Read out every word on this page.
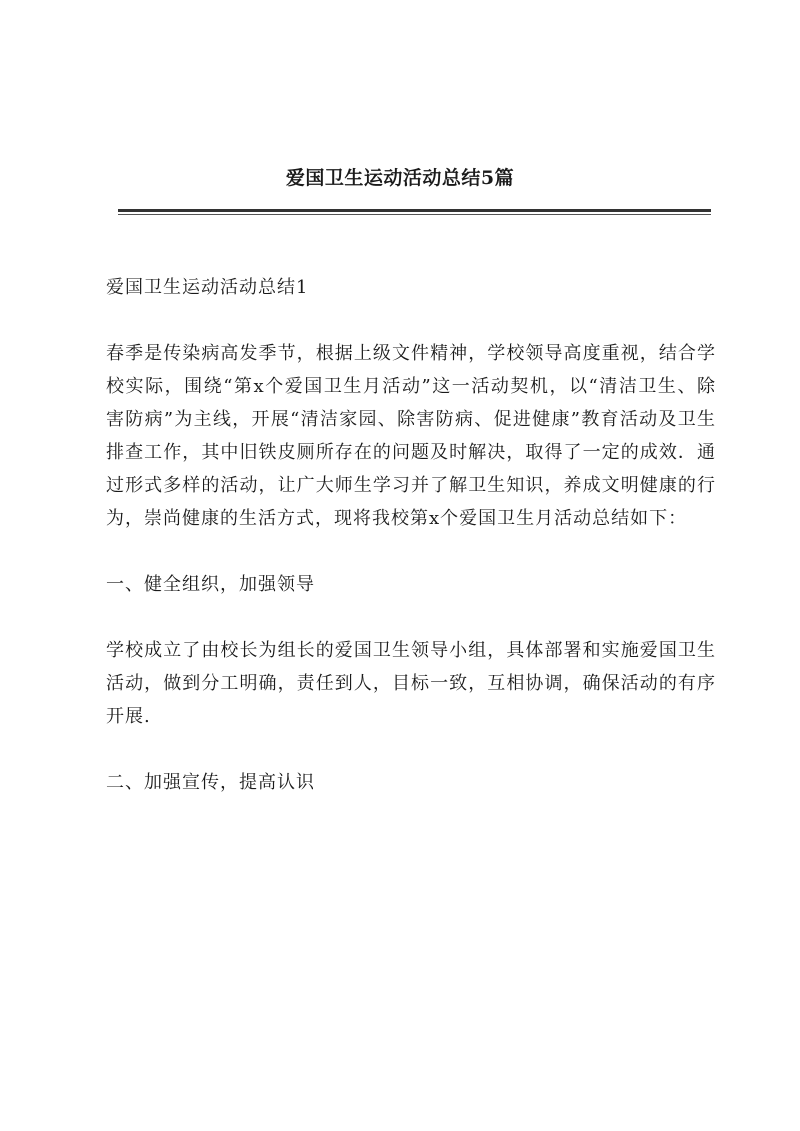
爱国卫生运动活动总结5篇

爱国卫生运动活动总结1

春季是传染病高发季节，根据上级文件精神，学校领导高度重视，结合学校实际，围绕“第x个爱国卫生月活动”这一活动契机，以“清洁卫生、除害防病”为主线，开展“清洁家园、除害防病、促进健康”教育活动及卫生排查工作，其中旧铁皮厕所存在的问题及时解决，取得了一定的成效．通过形式多样的活动，让广大师生学习并了解卫生知识，养成文明健康的行为，崇尚健康的生活方式，现将我校第x个爱国卫生月活动总结如下：

一、健全组织，加强领导

学校成立了由校长为组长的爱国卫生领导小组，具体部署和实施爱国卫生活动，做到分工明确，责任到人，目标一致，互相协调，确保活动的有序开展.

二、加强宣传，提高认识
